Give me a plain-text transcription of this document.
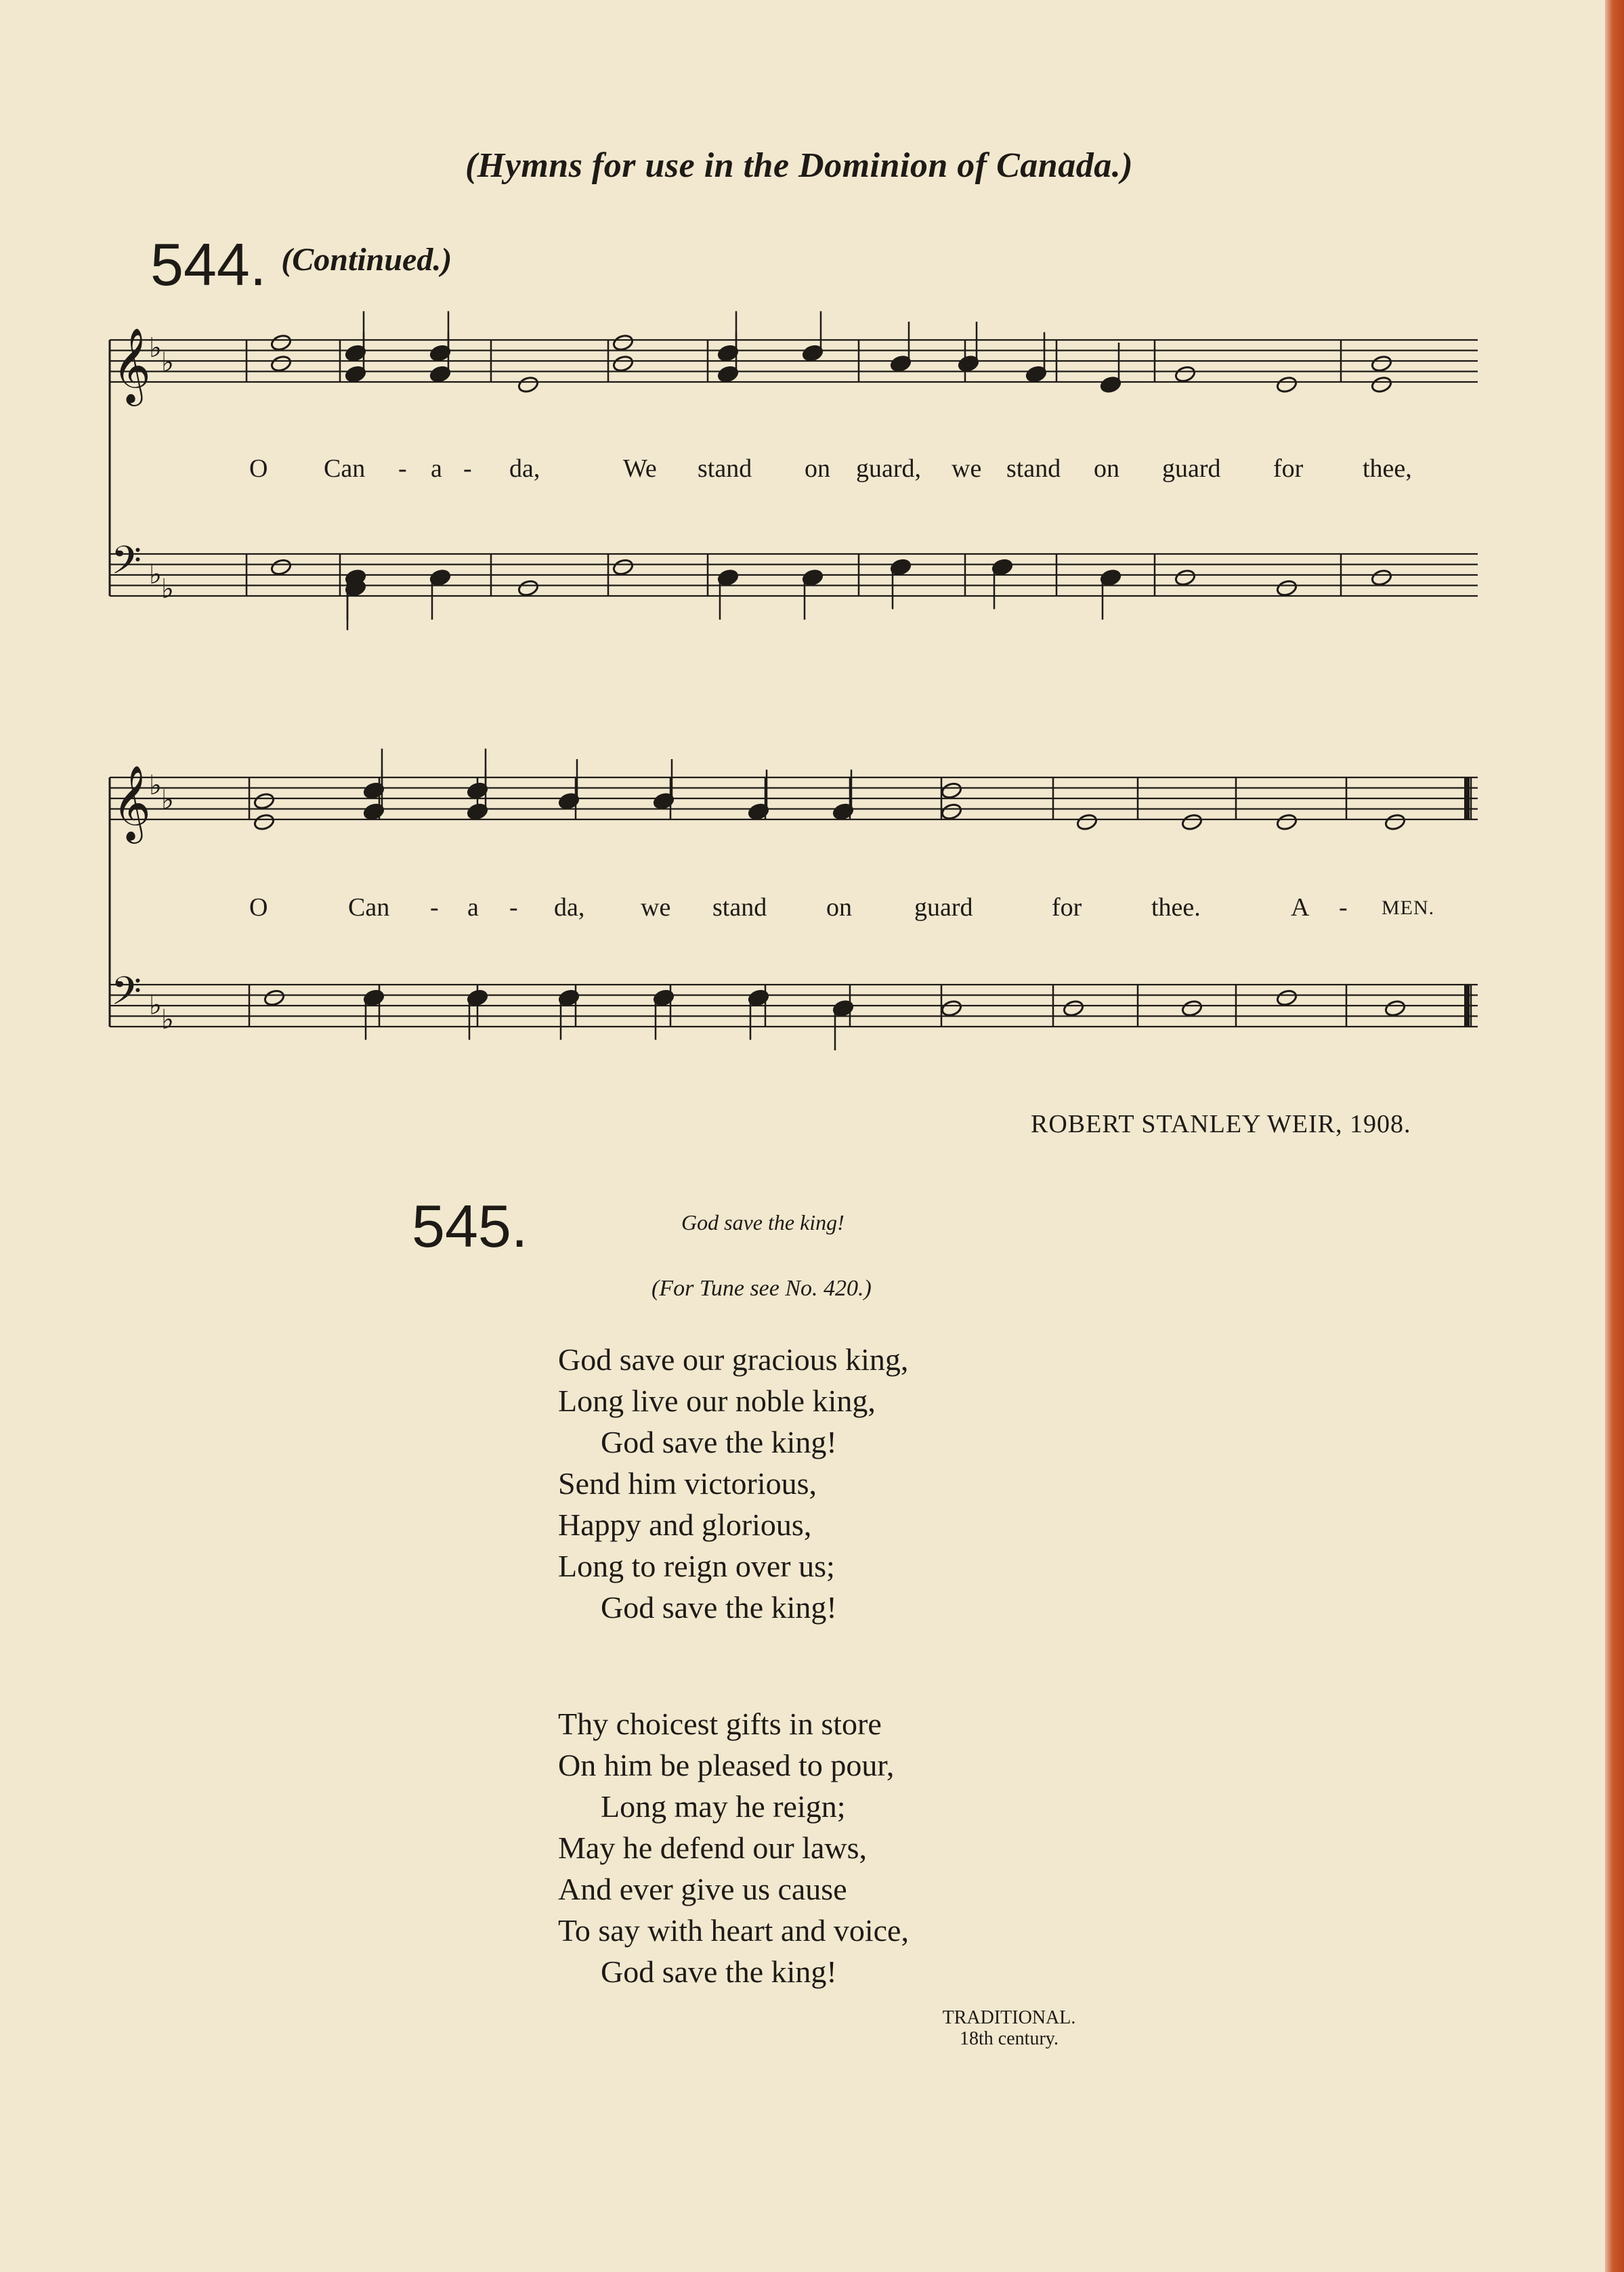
(Hymns for use in the Dominion of Canada.)
544. (Continued.)
𝄞
♭ ♭
𝄢 ♭ ♭
𝄞
♭ ♭
𝄢 ♭ ♭
O Can - a - da,	We stand on guard, we stand on guard for thee,
O	Can - a - da, we stand on guard	for	thee.	A - MEN.
ROBERT STANLEY WEIR, 1908.
545.	God save the king!
(For Tune see No. 420.)
God save our gracious king,
Long live our noble king,
God save the king!
Send him victorious,
Happy and glorious,
Long to reign over us;
God save the king!
Thy choicest gifts in store
On him be pleased to pour,
Long may he reign;
May he defend our laws,
And ever give us cause
To say with heart and voice,
God save the king!
TRADITIONAL.
18th century.
